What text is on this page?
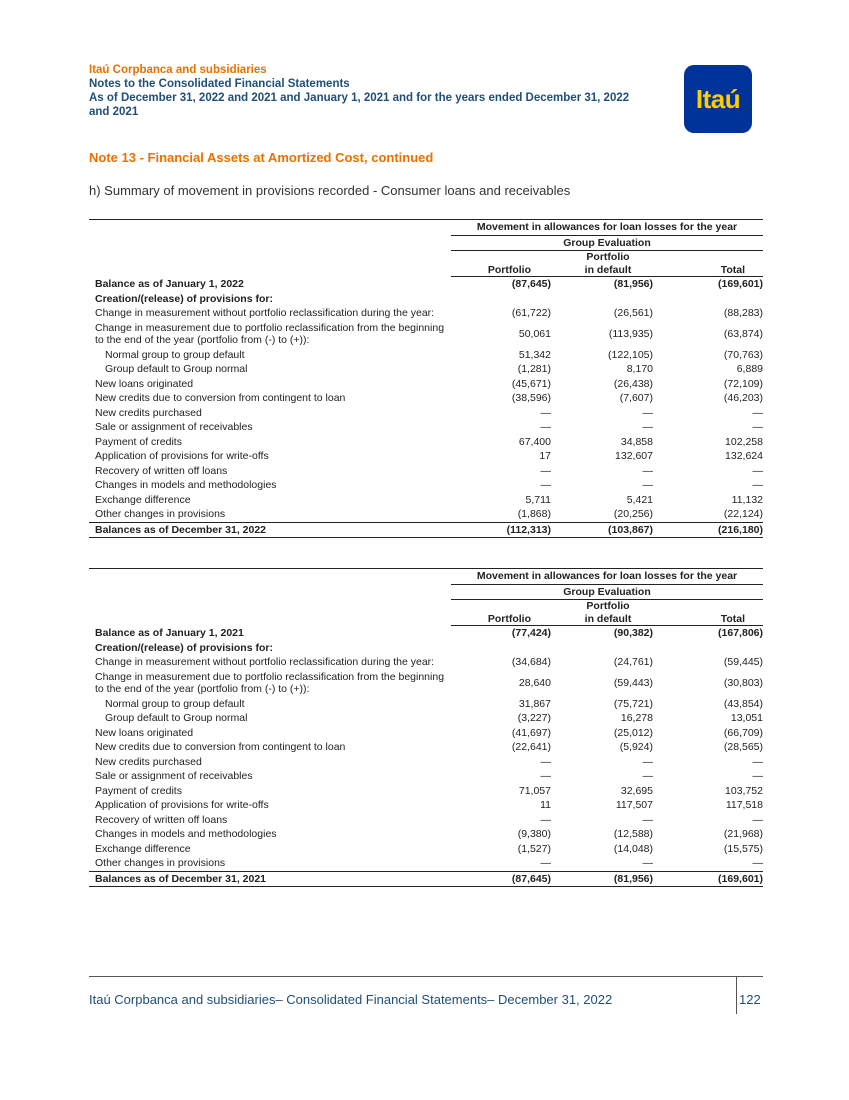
Itaú Corpbanca and subsidiaries
Notes to the Consolidated Financial Statements
As of December 31, 2022 and 2021 and January 1, 2021 and for the years ended December 31, 2022
and 2021	Itaú
Note 13 - Financial Assets at Amortized Cost, continued
h) Summary of movement in provisions recorded - Consumer loans and receivables
	Movement in allowances for loan losses for the year		
	Group Evaluation		
		Portfolio	
	Portfolio	in default	Total
Balance as of January 1, 2022	(87,645)	(81,956)	(169,601)
Creation/(release) of provisions for:			
Change in measurement without portfolio reclassification during the year:	(61,722)	(26,561)	(88,283)
Change in measurement due to portfolio reclassification from the beginning to the end of the year (portfolio from (-) to (+)):	50,061	(113,935)	(63,874)
Normal group to group default	51,342	(122,105)	(70,763)
Group default to Group normal	(1,281)	8,170	6,889
New loans originated	(45,671)	(26,438)	(72,109)
New credits due to conversion from contingent to loan	(38,596)	(7,607)	(46,203)
New credits purchased	—	—	—
Sale or assignment of receivables	—	—	—
Payment of credits	67,400	34,858	102,258
Application of provisions for write-offs	17	132,607	132,624
Recovery of written off loans	—	—	—
Changes in models and methodologies	—	—	—
Exchange difference	5,711	5,421	11,132
Other changes in provisions	(1,868)	(20,256)	(22,124)
Balances as of December 31, 2022	(112,313)	(103,867)	(216,180)
	Movement in allowances for loan losses for the year		
	Group Evaluation		
		Portfolio	
	Portfolio	in default	Total
Balance as of January 1, 2021	(77,424)	(90,382)	(167,806)
Creation/(release) of provisions for:			
Change in measurement without portfolio reclassification during the year:	(34,684)	(24,761)	(59,445)
Change in measurement due to portfolio reclassification from the beginning to the end of the year (portfolio from (-) to (+)):	28,640	(59,443)	(30,803)
Normal group to group default	31,867	(75,721)	(43,854)
Group default to Group normal	(3,227)	16,278	13,051
New loans originated	(41,697)	(25,012)	(66,709)
New credits due to conversion from contingent to loan	(22,641)	(5,924)	(28,565)
New credits purchased	—	—	—
Sale or assignment of receivables	—	—	—
Payment of credits	71,057	32,695	103,752
Application of provisions for write-offs	11	117,507	117,518
Recovery of written off loans	—	—	—
Changes in models and methodologies	(9,380)	(12,588)	(21,968)
Exchange difference	(1,527)	(14,048)	(15,575)
Other changes in provisions	—	—	—
Balances as of December 31, 2021	(87,645)	(81,956)	(169,601)
Itaú Corpbanca and subsidiaries– Consolidated Financial Statements– December 31, 2022	122
